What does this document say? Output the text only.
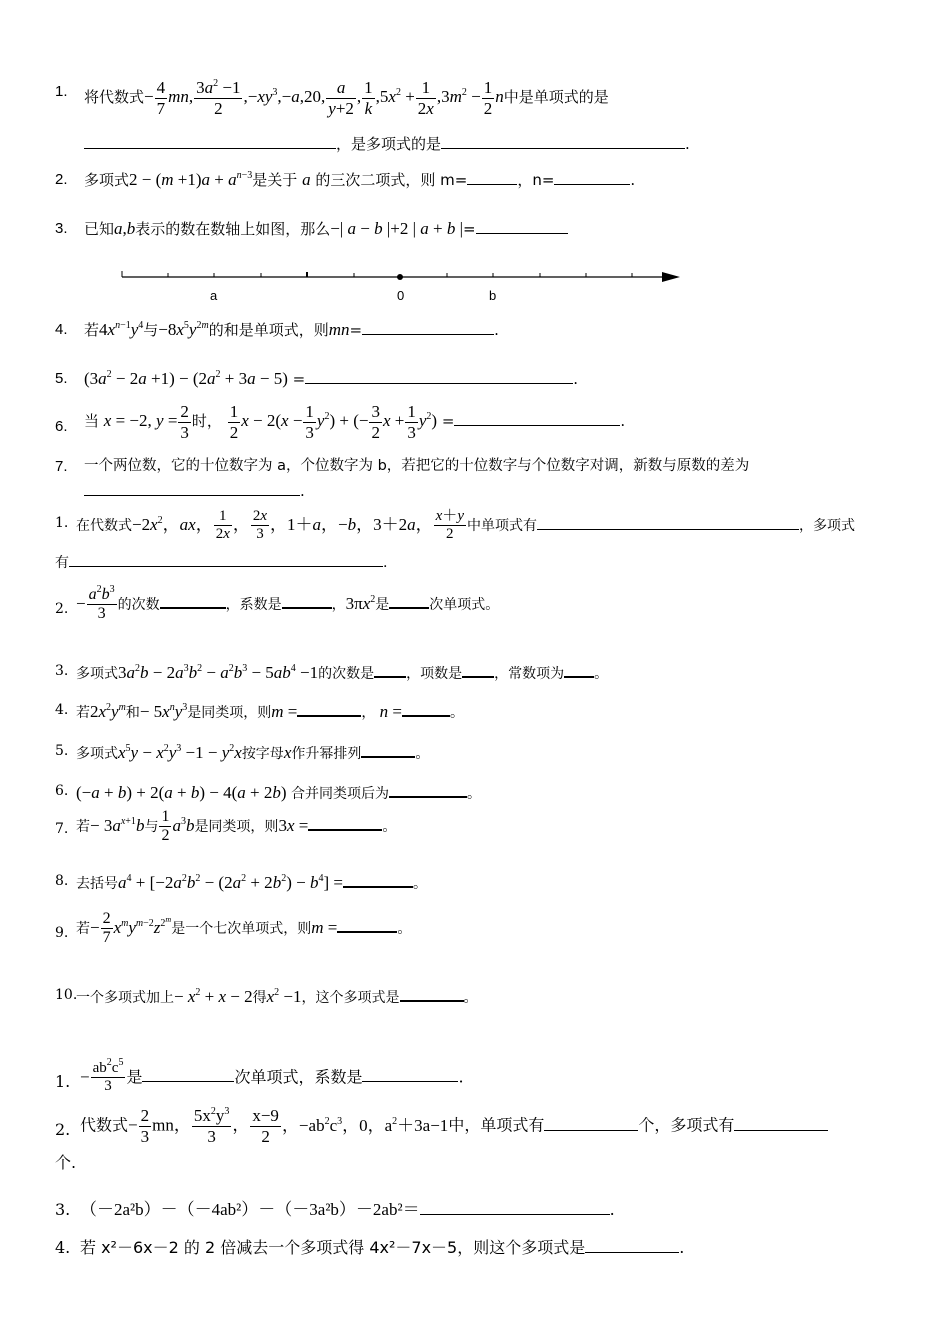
1. 将代数式− $\frac{4}{7}$ mn, $\frac{3a^2 -1}{2} ,-xy^3,-a,20$, $\frac{a}{y+2}$ , $\frac{1}{k} ,5x^2 + \frac{1}{2x} ,3m^2 - \frac{1}{2}$ n中是单项式的是
，是多项式的是	.
2. 多项式$2 - (m +1)a + a^{n-3}$是关于 a 的三次二项式，则 m=	，n=	.
3. 已知a,b表示的数在数轴上如图，那么−| a − b |+2 | a + b |=
a	0	b
4. 若$4x^{n-1}y^4$与$-8x^5y^{2m}$的和是单项式，则mn=	.
5. $(3a^2 - 2a +1) - (2a^2 + 3a - 5)$ =	.
6. 当 x = −2, $y = \frac{2}{3}$ 时， $\frac{1}{2}$ $x - 2(x - \frac{1}{3} y^2)$ + (− $\frac{3}{2}$ $x + \frac{1}{3} y^2$) =	.
7. 一个两位数，它的十位数字为 a，个位数字为 b，若把它的十位数字与个位数字对调，新数与原数的差为
.
1. 在代数式$-2x^2$，ax， $\frac{1}{2x}$ ， $\frac{2x}{3}$ ，1＋a，−b，3＋2a， $\frac{x+y}{2}$ 中单项式有	，多项式
有	.
2. − $\frac{a^2b^3}{3}$ 的次数	，系数是	，$3\pi x^2$是	次单项式。
3. 多项式$3a^2b - 2a^3b^2 - a^2b^3 - 5ab^4 -1$的次数是 ，项数是 ，常数项为 。
4. 若$2x^2y^m$和− $5x^ny^3$是同类项，则m =	， n =	。
5. 多项式$x^5y - x^2y^3 -1 - y^2x$按字母x作升幂排列	。
6. (−a + b) + 2(a + b) − 4(a + 2b) 合并同类项后为	。
7. 若− $3a^{x+1}b$与 $\frac{1}{2} a^3b$是同类项，则3x =	。
8. 去括号$a^4 + [-2a^2b^2 - (2a^2 + 2b^2) - b^4]$ =	。
9. 若− $\frac{2}{7} x^my^{m-2}z^{2^m}$是一个七次单项式，则m =	。
10.
一个多项式加上− $x^2 + x - 2$得$x^2 -1$，这个多项式是	。
1. − $\frac{ab^2c^5}{3}$ 是	次单项式，系数是	.
2. 代数式− $\frac{2}{3}$ mn， $\frac{5x^2y^3}{3}$ ， $\frac{x-9}{2}$ ，$-ab^2c^3$，0，$a^2+3a-1$中，单项式有	个，多项式有
个.
3. （－2a²b）－（－4ab²）－（－3a²b）－2ab²＝	.
4. 若 x²－6x－2 的 2 倍减去一个多项式得 4x²－7x－5，则这个多项式是	.
